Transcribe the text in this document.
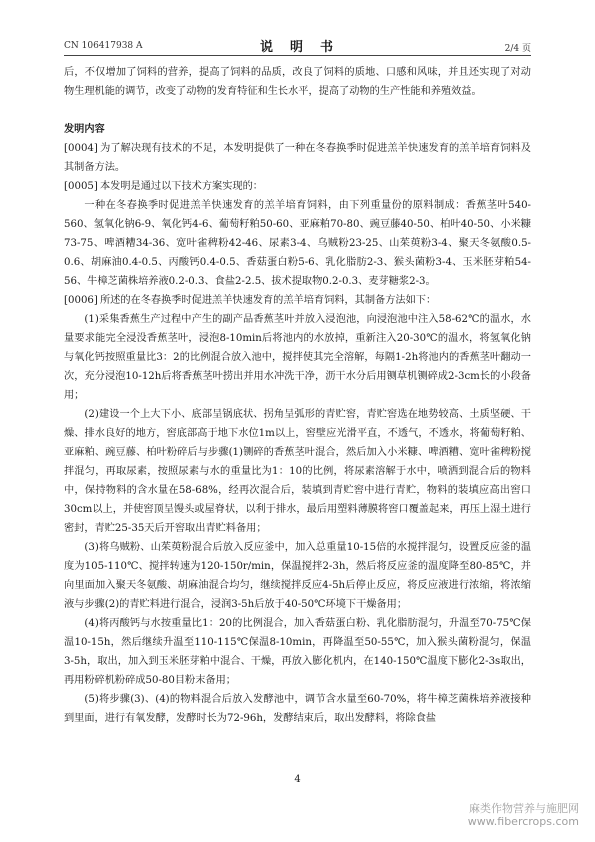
CN 106417938 A	说　明　书	2/4 页

后，不仅增加了饲料的营养，提高了饲料的品质，改良了饲料的质地、口感和风味，并且还实现了对动物生理机能的调节，改变了动物的发育特征和生长水平，提高了动物的生产性能和养殖效益。

发明内容

[0004] 为了解决现有技术的不足，本发明提供了一种在冬春换季时促进羔羊快速发育的羔羊培育饲料及其制备方法。

[0005] 本发明是通过以下技术方案实现的：

一种在冬春换季时促进羔羊快速发育的羔羊培育饲料，由下列重量份的原料制成：香蕉茎叶540-560、氢氧化钠6-9、氧化钙4-6、葡萄籽粕50-60、亚麻粕70-80、豌豆藤40-50、柏叶40-50、小米糠73-75、啤酒糟34-36、宽叶雀稗粉42-46、尿素3-4、乌贼粉23-25、山茱萸粉3-4、聚天冬氨酸0.5-0.6、胡麻油0.4-0.5、丙酸钙0.4-0.5、香菇蛋白粉5-6、乳化脂肪2-3、猴头菌粉3-4、玉米胚芽粕54-56、牛樟芝菌株培养液0.2-0.3、食盐2-2.5、拔术提取物0.2-0.3、麦芽糖浆2-3。

[0006] 所述的在冬春换季时促进羔羊快速发育的羔羊培育饲料，其制备方法如下：

(1)采集香蕉生产过程中产生的副产品香蕉茎叶并放入浸泡池，向浸泡池中注入58-62℃的温水，水量要求能完全浸没香蕉茎叶，浸泡8-10min后将池内的水放掉，重新注入20-30℃的温水，将氢氧化钠与氧化钙按照重量比3：2的比例混合放入池中，搅拌使其完全溶解，每隔1-2h将池内的香蕉茎叶翻动一次，充分浸泡10-12h后将香蕉茎叶捞出并用水冲洗干净，沥干水分后用铡草机铡碎成2-3cm长的小段备用；

(2)建设一个上大下小、底部呈锅底状、拐角呈弧形的青贮窖，青贮窖选在地势较高、土质坚硬、干燥、排水良好的地方，窖底部高于地下水位1m以上，窖壁应光滑平直，不透气，不透水，将葡萄籽粕、亚麻粕、豌豆藤、柏叶粉碎后与步骤(1)铡碎的香蕉茎叶混合，然后加入小米糠、啤酒糟、宽叶雀稗粉搅拌混匀，再取尿素，按照尿素与水的重量比为1：10的比例，将尿素溶解于水中，喷洒到混合后的物料中，保持物料的含水量在58-68%，经再次混合后，装填到青贮窖中进行青贮，物料的装填应高出窖口30cm以上，并使窖顶呈馒头或屋脊状，以利于排水，最后用塑料薄膜将窖口覆盖起来，再压上湿土进行密封，青贮25-35天后开窖取出青贮料备用；

(3)将乌贼粉、山茱萸粉混合后放入反应釜中，加入总重量10-15倍的水搅拌混匀，设置反应釜的温度为105-110℃、搅拌转速为120-150r/min，保温搅拌2-3h，然后将反应釜的温度降至80-85℃，并向里面加入聚天冬氨酸、胡麻油混合均匀，继续搅拌反应4-5h后停止反应，将反应液进行浓缩，将浓缩液与步骤(2)的青贮料进行混合，浸润3-5h后放于40-50℃环境下干燥备用；

(4)将丙酸钙与水按重量比1：20的比例混合，加入香菇蛋白粉、乳化脂肪混匀，升温至70-75℃保温10-15h，然后继续升温至110-115℃保温8-10min，再降温至50-55℃，加入猴头菌粉混匀，保温3-5h，取出，加入到玉米胚芽粕中混合、干燥，再放入膨化机内，在140-150℃温度下膨化2-3s取出，再用粉碎机粉碎成50-80目粉末备用；

(5)将步骤(3)、(4)的物料混合后放入发酵池中，调节含水量至60-70%，将牛樟芝菌株培养液接种到里面，进行有氧发酵，发酵时长为72-96h，发酵结束后，取出发酵料，将除食盐

4
麻类作物营养与施肥网
www.fibercrops.com
